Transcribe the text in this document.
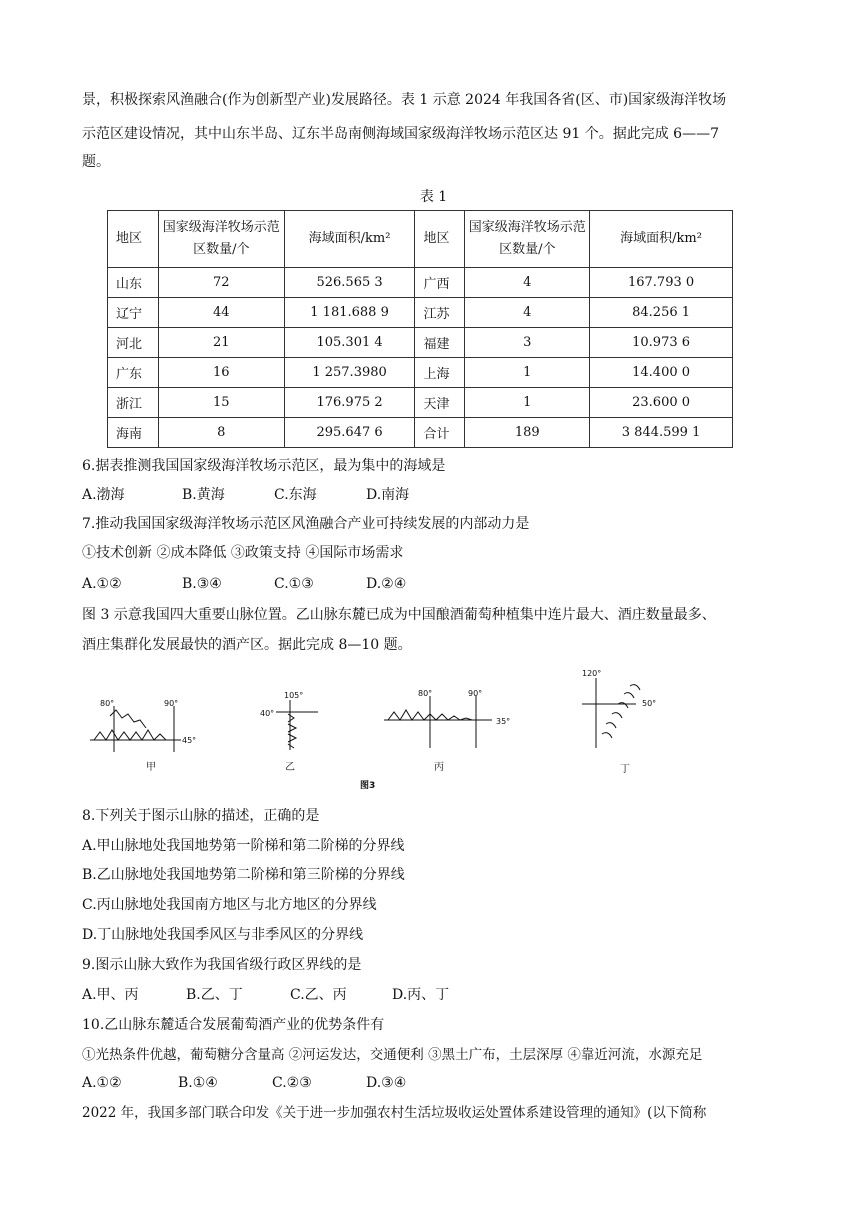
景，积极探索风渔融合(作为创新型产业)发展路径。表 1 示意 2024 年我国各省(区、市)国家级海洋牧场
示范区建设情况，其中山东半岛、辽东半岛南侧海域国家级海洋牧场示范区达 91 个。据此完成 6——7
题。
表 1
地区	国家级海洋牧场示范区数量/个	海域面积/km²	地区	国家级海洋牧场示范区数量/个	海域面积/km²
山东	72	526.565 3	广西	4	167.793 0
辽宁	44	1 181.688 9	江苏	4	84.256 1
河北	21	105.301 4	福建	3	10.973 6
广东	16	1 257.3980	上海	1	14.400 0
浙江	15	176.975 2	天津	1	23.600 0
海南	8	295.647 6	合计	189	3 844.599 1
6.据表推测我国国家级海洋牧场示范区，最为集中的海域是
A.渤海	B.黄海	C.东海	D.南海
7.推动我国国家级海洋牧场示范区风渔融合产业可持续发展的内部动力是
①技术创新 ②成本降低 ③政策支持 ④国际市场需求
A.①②	B.③④	C.①③	D.②④
图 3 示意我国四大重要山脉位置。乙山脉东麓已成为中国酿酒葡萄种植集中连片最大、酒庄数量最多、
酒庄集群化发展最快的酒产区。据此完成 8—10 题。
80°	90°
45°
甲
105°
40°
乙
80°	90°
35°
丙
120°
50°
丁
图3
8.下列关于图示山脉的描述，正确的是
A.甲山脉地处我国地势第一阶梯和第二阶梯的分界线
B.乙山脉地处我国地势第二阶梯和第三阶梯的分界线
C.丙山脉地处我国南方地区与北方地区的分界线
D.丁山脉地处我国季风区与非季风区的分界线
9.图示山脉大致作为我国省级行政区界线的是
A.甲、丙	B.乙、丁	C.乙、丙	D.丙、丁
10.乙山脉东麓适合发展葡萄酒产业的优势条件有
①光热条件优越，葡萄糖分含量高 ②河运发达，交通便利 ③黑土广布，土层深厚 ④靠近河流，水源充足
A.①②	B.①④	C.②③	D.③④
2022 年，我国多部门联合印发《关于进一步加强农村生活垃圾收运处置体系建设管理的通知》(以下简称
